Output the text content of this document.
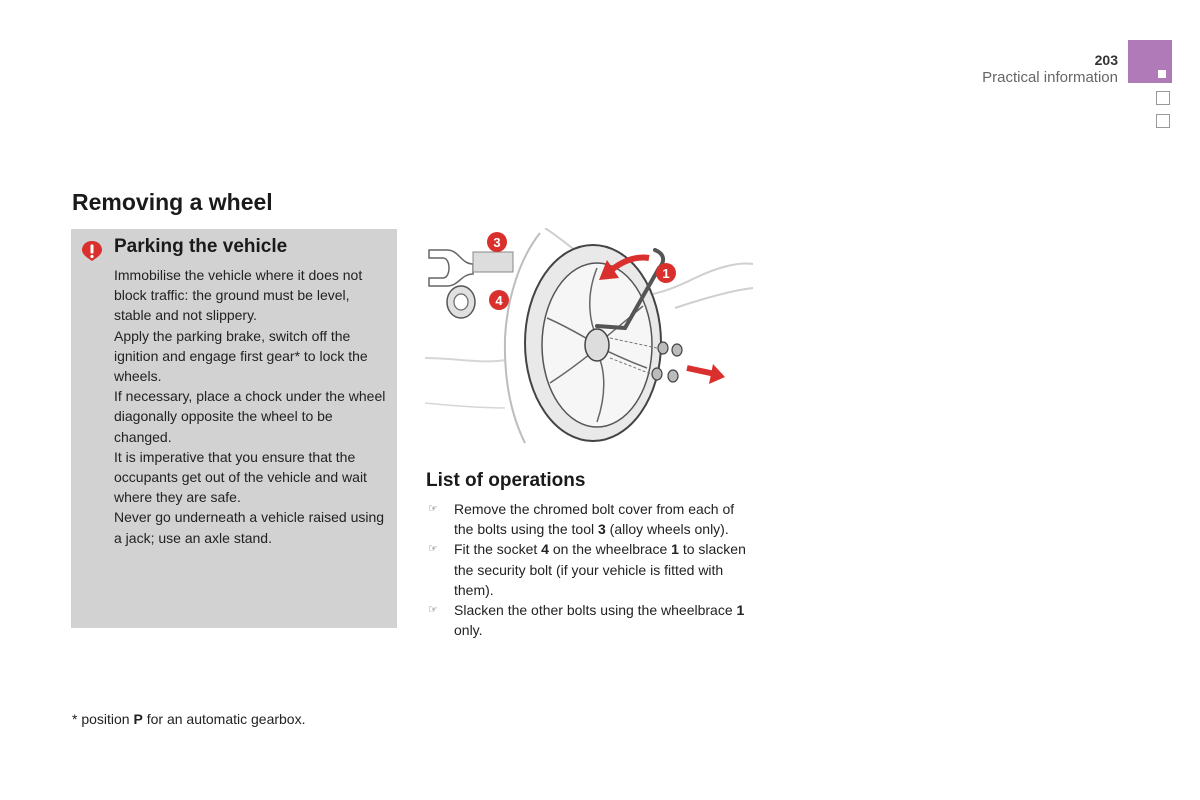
203
Practical information
Removing a wheel
Parking the vehicle

Immobilise the vehicle where it does not block traffic: the ground must be level, stable and not slippery.

Apply the parking brake, switch off the ignition and engage first gear* to lock the wheels.

If necessary, place a chock under the wheel diagonally opposite the wheel to be changed.

It is imperative that you ensure that the occupants get out of the vehicle and wait where they are safe.

Never go underneath a vehicle raised using a jack; use an axle stand.

3
4
1
List of operations
☞ Remove the chromed bolt cover from each of the bolts using the tool 3 (alloy wheels only).
☞ Fit the socket 4 on the wheelbrace 1 to slacken the security bolt (if your vehicle is fitted with them).
☞ Slacken the other bolts using the wheelbrace 1 only.
* position P for an automatic gearbox.
